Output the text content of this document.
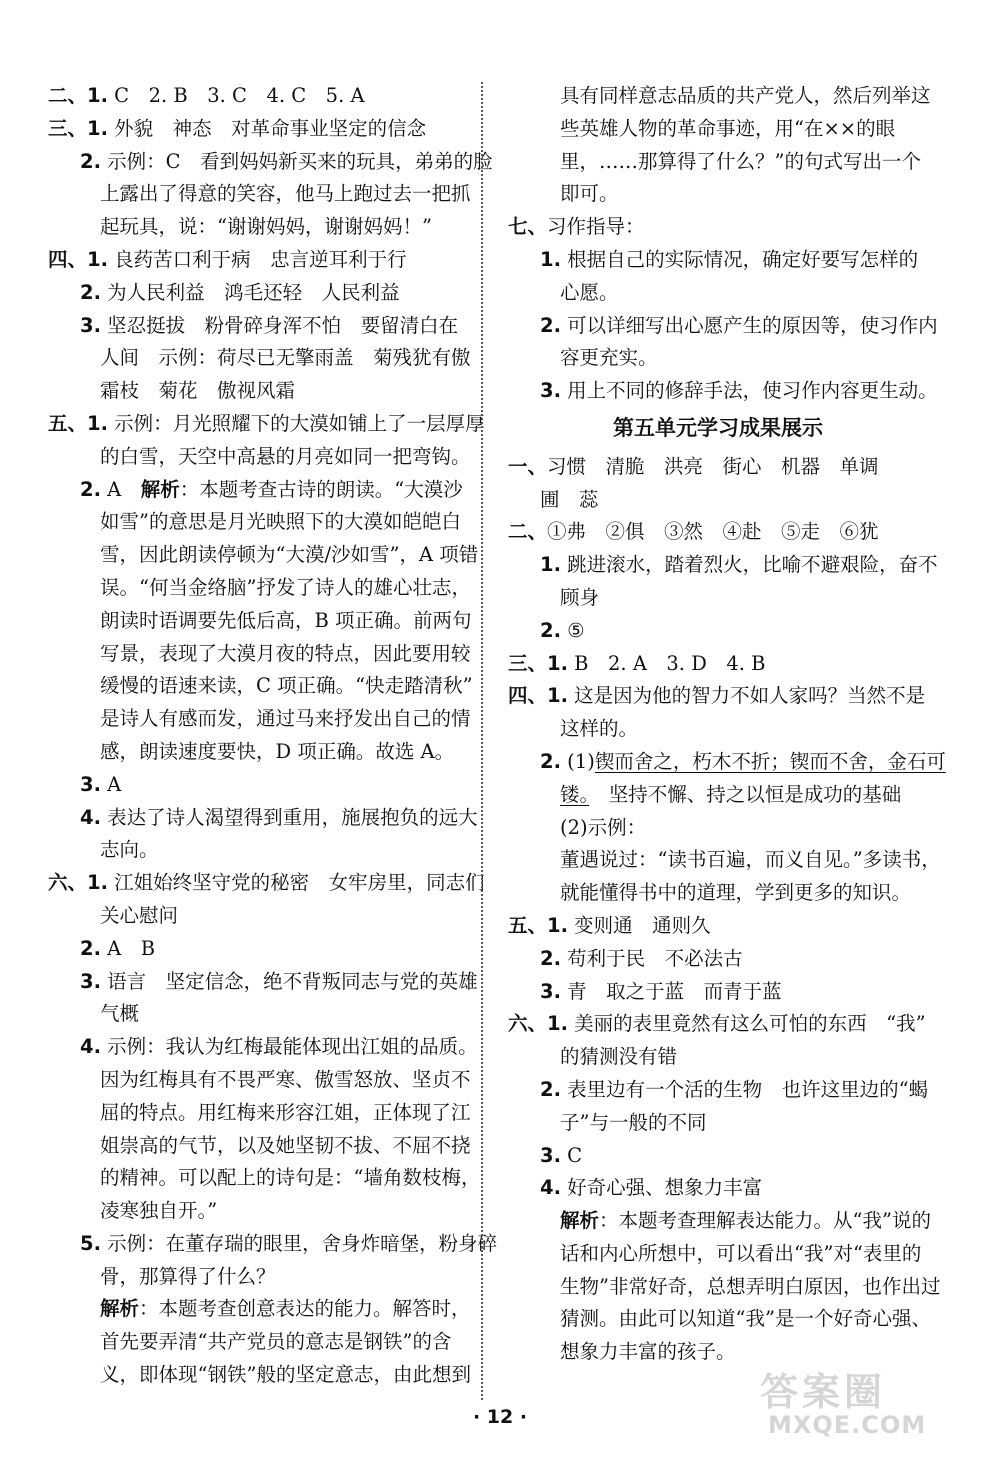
二、1. C　2. B　3. C　4. C　5. A
三、1. 外貌　神态　对革命事业坚定的信念
2. 示例：C　看到妈妈新买来的玩具，弟弟的脸
上露出了得意的笑容，他马上跑过去一把抓
起玩具，说：“谢谢妈妈，谢谢妈妈！”
四、1. 良药苦口利于病　忠言逆耳利于行
2. 为人民利益　鸿毛还轻　人民利益
3. 坚忍挺拔　粉骨碎身浑不怕　要留清白在
人间　示例：荷尽已无擎雨盖　菊残犹有傲
霜枝　菊花　傲视风霜
五、1. 示例：月光照耀下的大漠如铺上了一层厚厚
的白雪，天空中高悬的月亮如同一把弯钩。
2. A　解析：本题考查古诗的朗读。“大漠沙
如雪”的意思是月光映照下的大漠如皑皑白
雪，因此朗读停顿为“大漠/沙如雪”，A 项错
误。“何当金络脑”抒发了诗人的雄心壮志，
朗读时语调要先低后高，B 项正确。前两句
写景，表现了大漠月夜的特点，因此要用较
缓慢的语速来读，C 项正确。“快走踏清秋”
是诗人有感而发，通过马来抒发出自己的情
感，朗读速度要快，D 项正确。故选 A。
3. A
4. 表达了诗人渴望得到重用，施展抱负的远大
志向。
六、1. 江姐始终坚守党的秘密　女牢房里，同志们
关心慰问
2. A　B
3. 语言　坚定信念，绝不背叛同志与党的英雄
气概
4. 示例：我认为红梅最能体现出江姐的品质。
因为红梅具有不畏严寒、傲雪怒放、坚贞不
屈的特点。用红梅来形容江姐，正体现了江
姐崇高的气节，以及她坚韧不拔、不屈不挠
的精神。可以配上的诗句是：“墙角数枝梅，
凌寒独自开。”
5. 示例：在董存瑞的眼里，舍身炸暗堡，粉身碎
骨，那算得了什么？
解析：本题考查创意表达的能力。解答时，
首先要弄清“共产党员的意志是钢铁”的含
义，即体现“钢铁”般的坚定意志，由此想到
具有同样意志品质的共产党人，然后列举这
些英雄人物的革命事迹，用“在××的眼
里，……那算得了什么？”的句式写出一个
即可。
七、习作指导：
1. 根据自己的实际情况，确定好要写怎样的
心愿。
2. 可以详细写出心愿产生的原因等，使习作内
容更充实。
3. 用上不同的修辞手法，使习作内容更生动。
第五单元学习成果展示
一、习惯　清脆　洪亮　街心　机器　单调
圃　蕊
二、①弗　②俱　③然　④赴　⑤走　⑥犹
1. 跳进滚水，踏着烈火，比喻不避艰险，奋不
顾身
2. ⑤
三、1. B　2. A　3. D　4. B
四、1. 这是因为他的智力不如人家吗？当然不是
这样的。
2. (1)锲而舍之，朽木不折；锲而不舍，金石可
镂。　坚持不懈、持之以恒是成功的基础
(2)示例：
董遇说过：“读书百遍，而义自见。”多读书，
就能懂得书中的道理，学到更多的知识。
五、1. 变则通　通则久
2. 苟利于民　不必法古
3. 青　取之于蓝　而青于蓝
六、1. 美丽的表里竟然有这么可怕的东西　“我”
的猜测没有错
2. 表里边有一个活的生物　也许这里边的“蝎
子”与一般的不同
3. C
4. 好奇心强、想象力丰富
解析：本题考查理解表达能力。从“我”说的
话和内心所想中，可以看出“我”对“表里的
生物”非常好奇，总想弄明白原因，也作出过
猜测。由此可以知道“我”是一个好奇心强、
想象力丰富的孩子。
· 12 ·
答案圈
MXQE.COM
